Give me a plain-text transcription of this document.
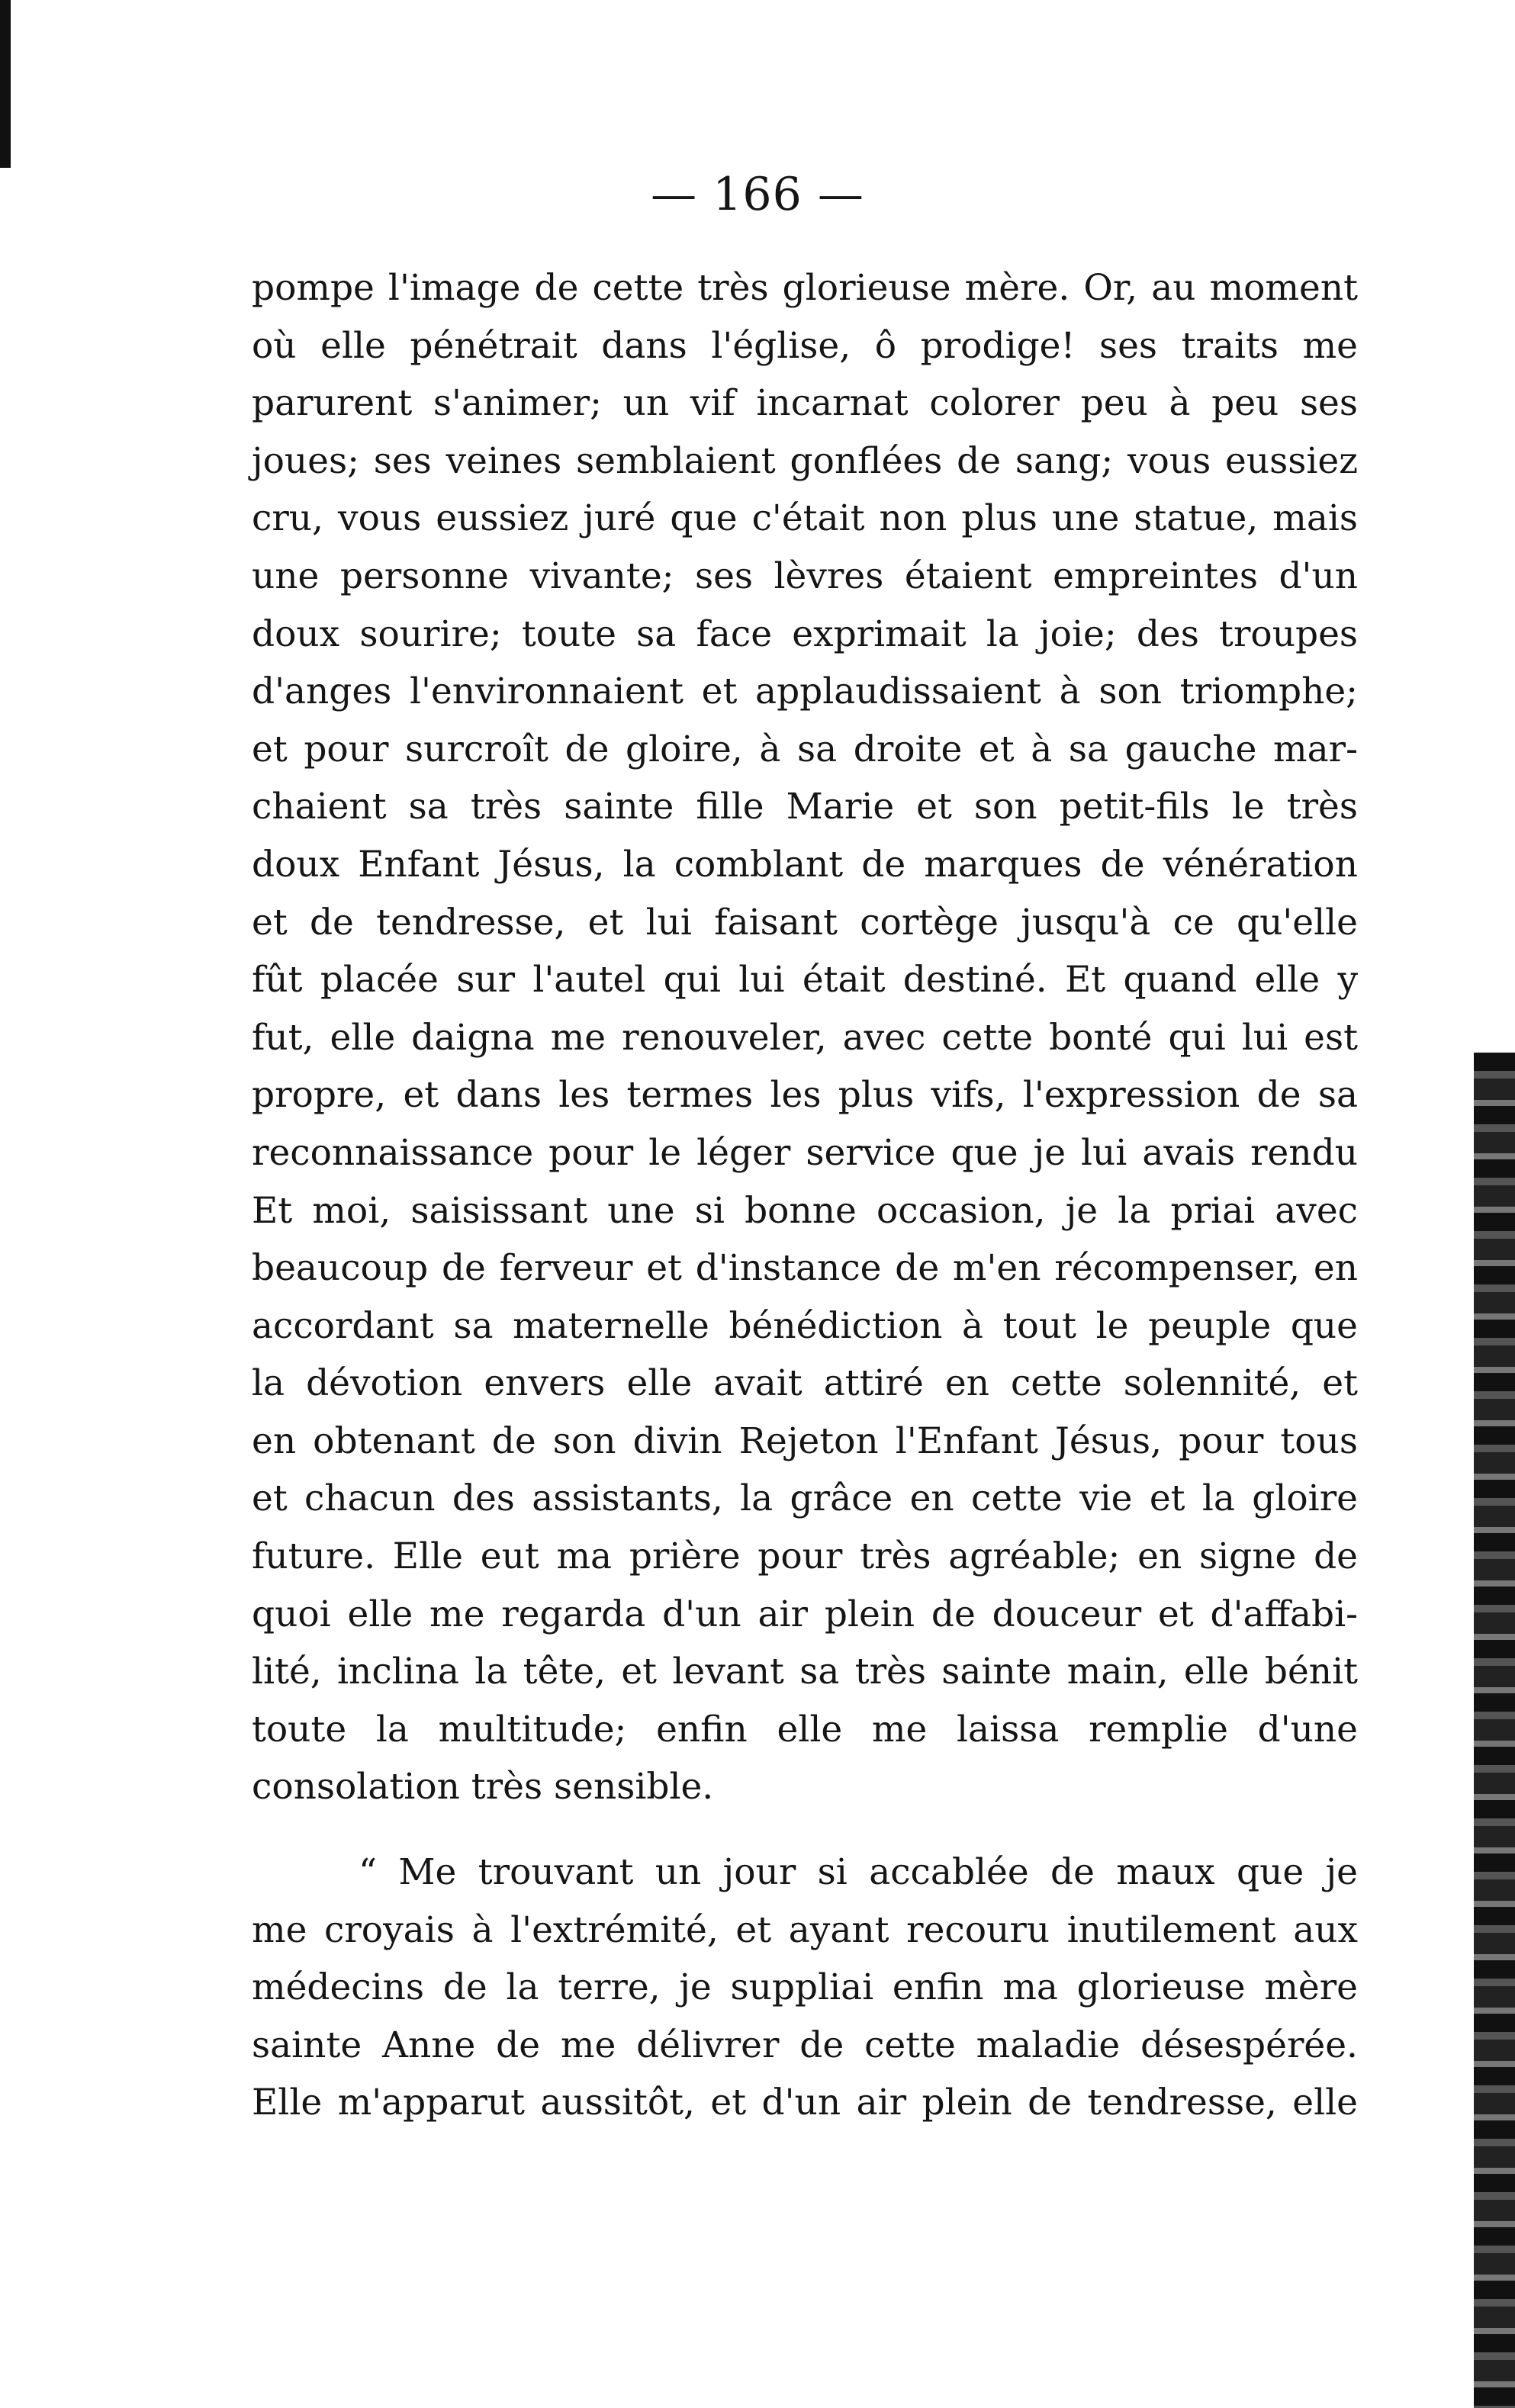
— 166 —
pompe l'image de cette très glorieuse mère. Or, au moment
où elle pénétrait dans l'église, ô prodige! ses traits me
parurent s'animer; un vif incarnat colorer peu à peu ses
joues; ses veines semblaient gonflées de sang; vous eussiez
cru, vous eussiez juré que c'était non plus une statue, mais
une personne vivante; ses lèvres étaient empreintes d'un
doux sourire; toute sa face exprimait la joie; des troupes
d'anges l'environnaient et applaudissaient à son triomphe;
et pour surcroît de gloire, à sa droite et à sa gauche mar-
chaient sa très sainte fille Marie et son petit-fils le très
doux Enfant Jésus, la comblant de marques de vénération
et de tendresse, et lui faisant cortège jusqu'à ce qu'elle
fût placée sur l'autel qui lui était destiné. Et quand elle y
fut, elle daigna me renouveler, avec cette bonté qui lui est
propre, et dans les termes les plus vifs, l'expression de sa
reconnaissance pour le léger service que je lui avais rendu
Et moi, saisissant une si bonne occasion, je la priai avec
beaucoup de ferveur et d'instance de m'en récompenser, en
accordant sa maternelle bénédiction à tout le peuple que
la dévotion envers elle avait attiré en cette solennité, et
en obtenant de son divin Rejeton l'Enfant Jésus, pour tous
et chacun des assistants, la grâce en cette vie et la gloire
future. Elle eut ma prière pour très agréable; en signe de
quoi elle me regarda d'un air plein de douceur et d'affabi-
lité, inclina la tête, et levant sa très sainte main, elle bénit
toute la multitude; enfin elle me laissa remplie d'une
consolation très sensible.
“ Me trouvant un jour si accablée de maux que je
me croyais à l'extrémité, et ayant recouru inutilement aux
médecins de la terre, je suppliai enfin ma glorieuse mère
sainte Anne de me délivrer de cette maladie désespérée.
Elle m'apparut aussitôt, et d'un air plein de tendresse, elle
